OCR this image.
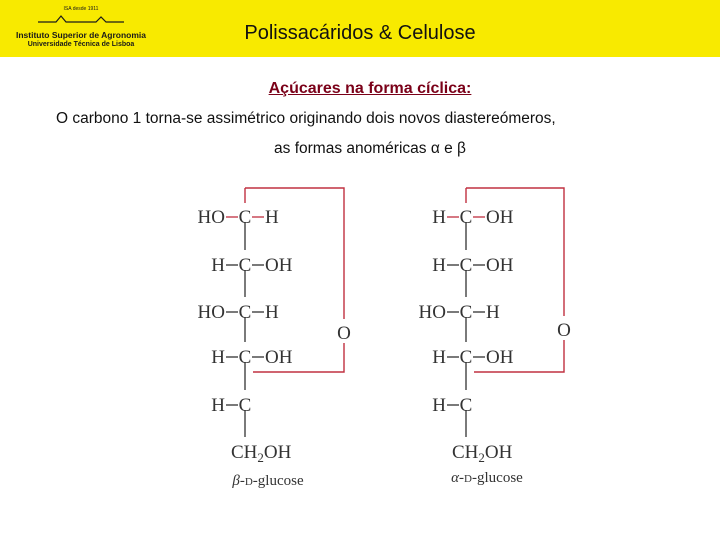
ISA desde 1911
Instituto Superior de Agronomia
Universidade Técnica de Lisboa
Polissacáridos & Celulose
Açúcares na forma cíclica:
O carbono 1 torna-se assimétrico originando dois novos diastereómeros,
as formas anoméricas α e β
HO C H
H C OH
HO C H
H C OH
H C
$CH_2OH$
O
β-D-glucose
H C OH
H C OH
HO C H
H C OH
H C
$CH_2OH$
O
α-D-glucose
